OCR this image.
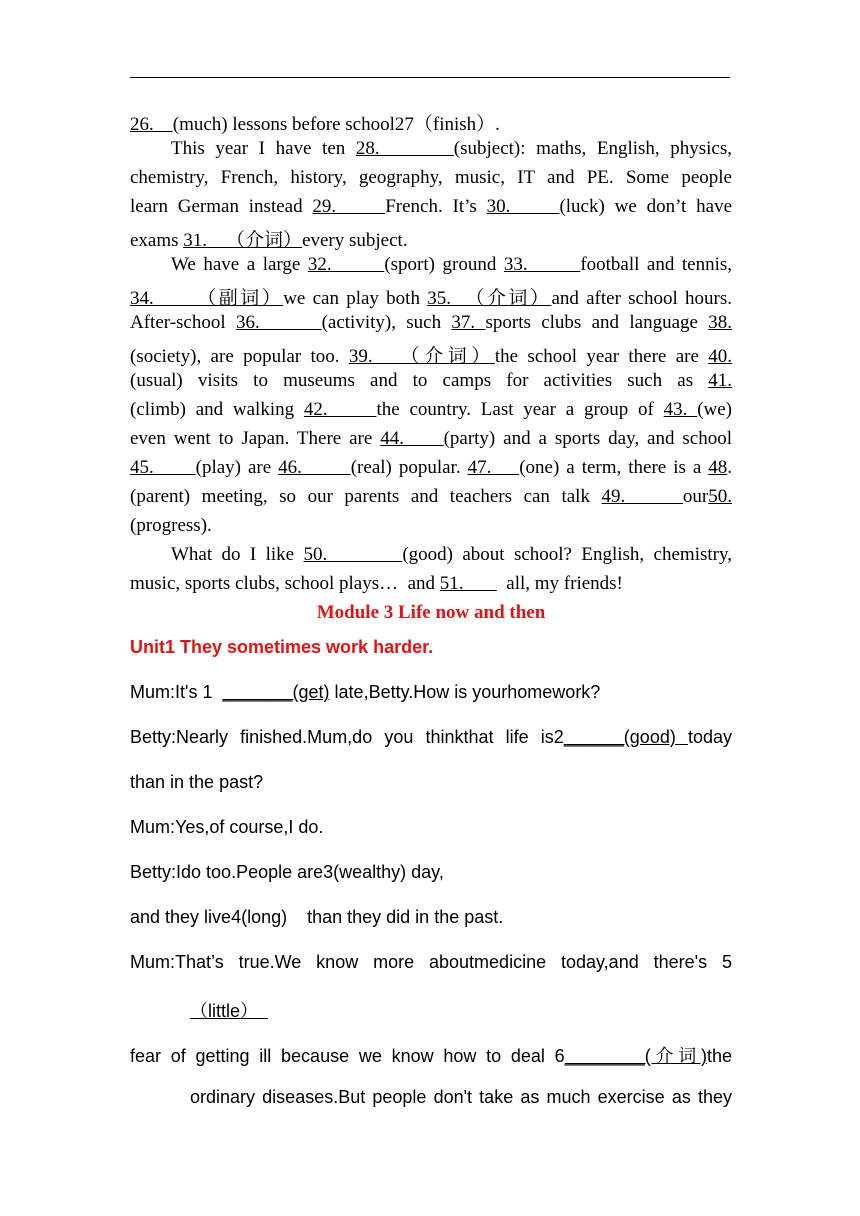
26.    (much) lessons before school27（finish）.
This year I have ten 28.       (subject): maths, English, physics,
chemistry, French, history, geography, music, IT and PE. Some people
learn German instead 29.     French. It’s 30.     (luck) we don’t have
exams 31.    （介词）every subject.
We have a large 32.       (sport) ground 33.       football and tennis,
34.      （副词）we can play both 35.  （介词）and after school hours.
After-school 36.      (activity), such 37. sports clubs and language 38.
(society), are popular too. 39.   （介词）the school year there are 40.
(usual) visits to museums and to camps for activities such as 41.
(climb) and walking 42.     the country. Last year a group of 43. (we)
even went to Japan. There are 44.     (party) and a sports day, and school
45.      (play) are 46.       (real) popular. 47.    (one) a term, there is a 48.
(parent) meeting, so our parents and teachers can talk 49.     our50.
(progress).
What do I like 50.        (good) about school? English, chemistry,
music, sports clubs, school plays…  and 51.         all, my friends!
Module 3 Life now and then
Unit1 They sometimes work harder.
Mum:It's 1  _______(get) late,Betty.How is yourhomework?
Betty:Nearly finished.Mum,do you thinkthat life is2______(good) today
than in the past?
Mum:Yes,of course,I do.
Betty:Ido too.People are3(wealthy) day,
and they live4(long)    than they did in the past.
Mum:That’s true.We know more aboutmedicine today,and there's 5
（little）
fear of getting ill because we know how to deal 6________(介词)the
ordinary diseases.But people don't take as much exercise as they
